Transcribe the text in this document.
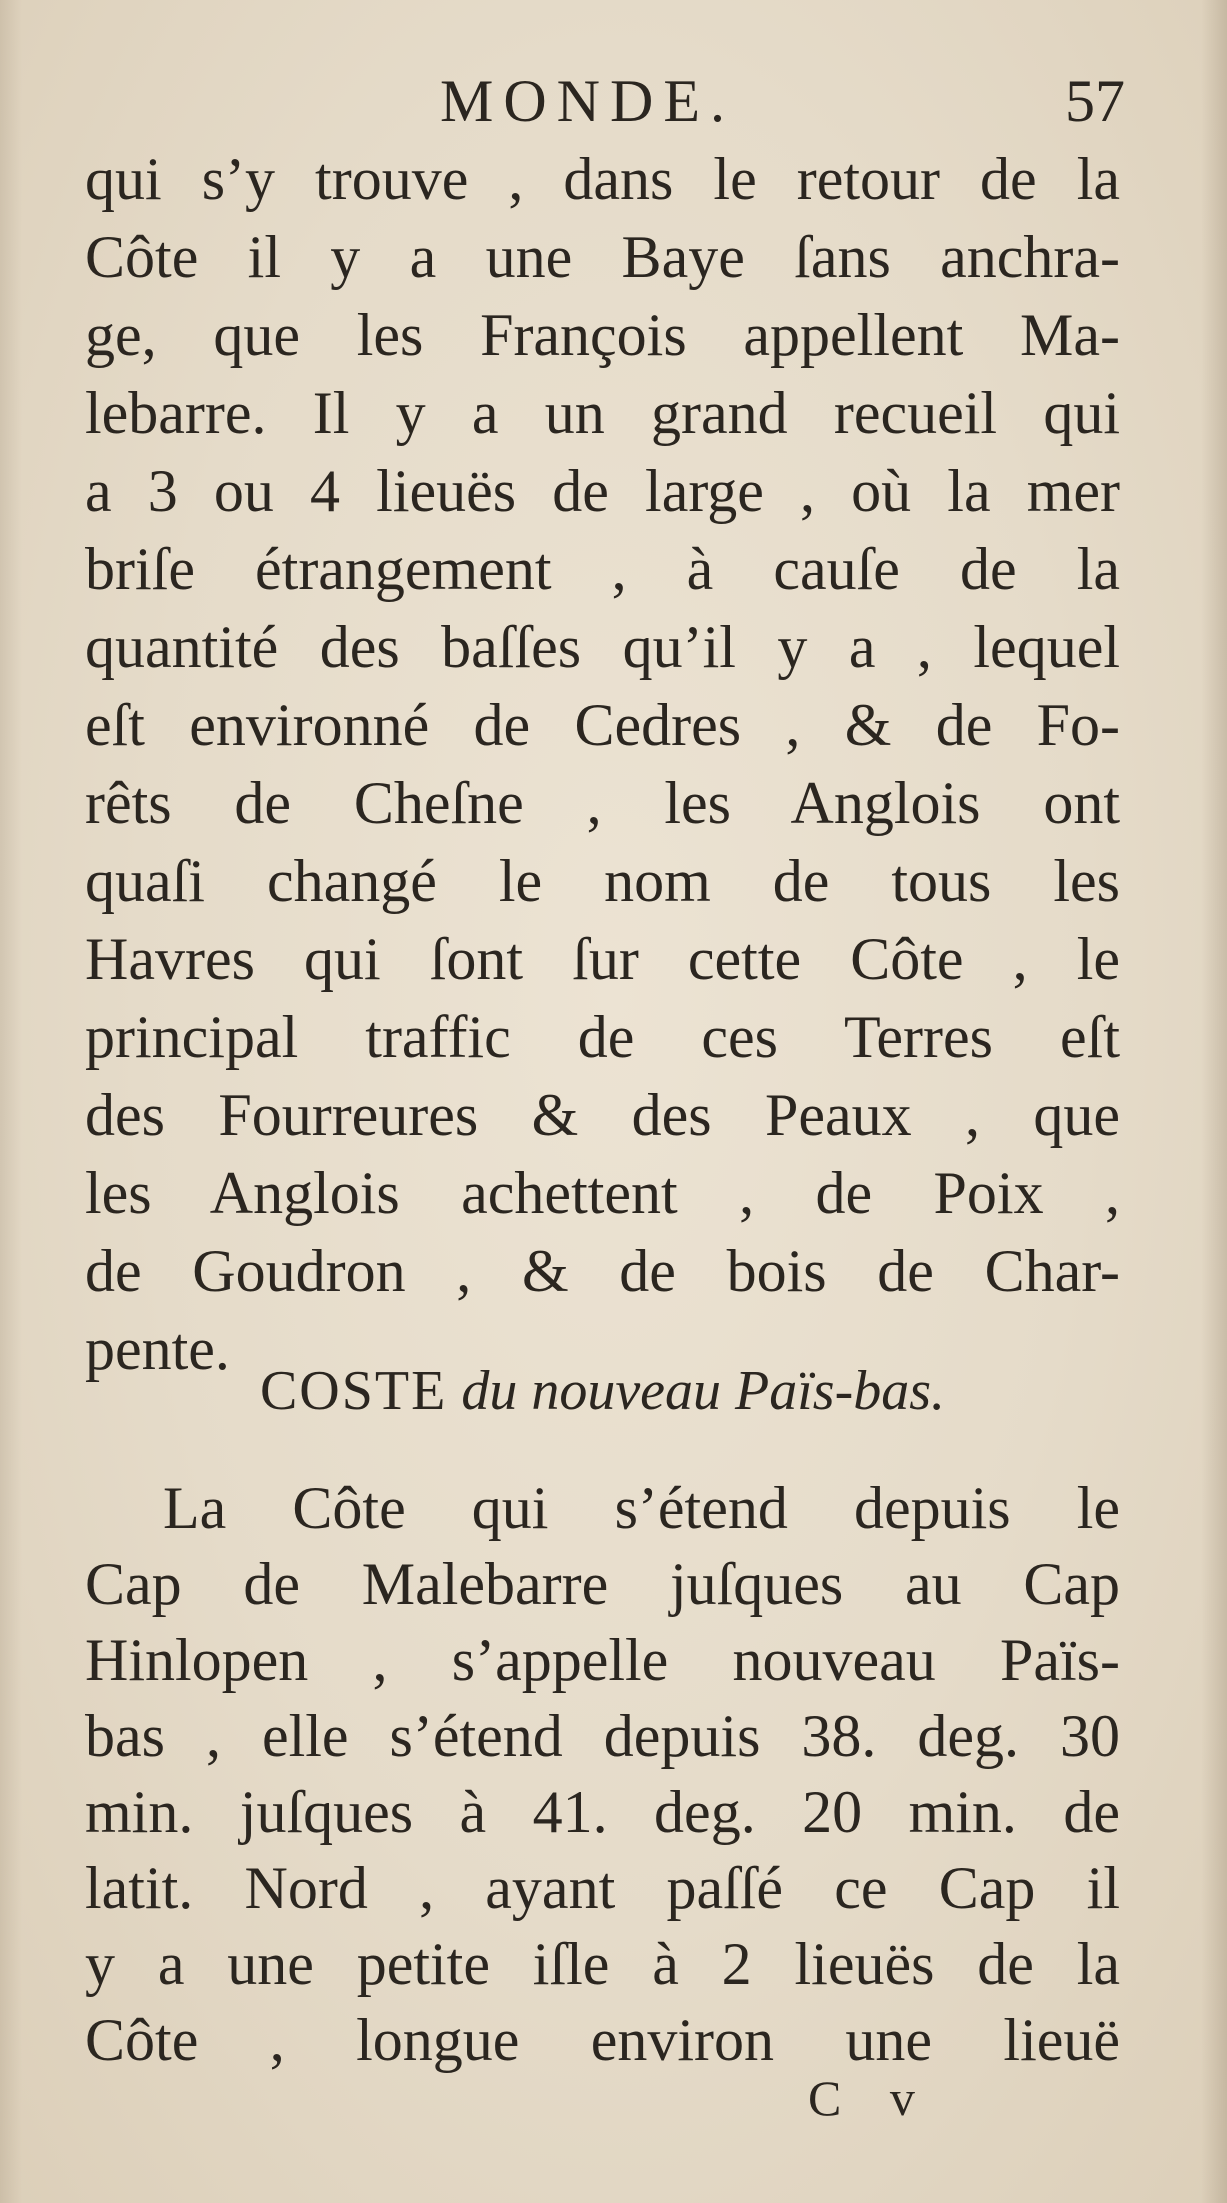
MONDE.	57
qui s’y trouve , dans le retour de la
Côte il y a une Baye ſans anchra-
ge, que les François appellent Ma-
lebarre. Il y a un grand recueil qui
a 3 ou 4 lieuës de large , où la mer
briſe étrangement , à cauſe de la
quantité des baſſes qu’il y a , lequel
eſt environné de Cedres , & de Fo-
rêts de Cheſne , les Anglois ont
quaſi changé le nom de tous les
Havres qui ſont ſur cette Côte , le
principal traffic de ces Terres eſt
des Fourreures & des Peaux , que
les Anglois achettent , de Poix ,
de Goudron , & de bois de Char-
pente.
COSTE du nouveau Païs-bas.
La Côte qui s’étend depuis le
Cap de Malebarre juſques au Cap
Hinlopen , s’appelle nouveau Païs-
bas , elle s’étend depuis 38. deg. 30
min. juſques à 41. deg. 20 min. de
latit. Nord , ayant paſſé ce Cap il
y a une petite iſle à 2 lieuës de la
Côte , longue environ une lieuë
C v
